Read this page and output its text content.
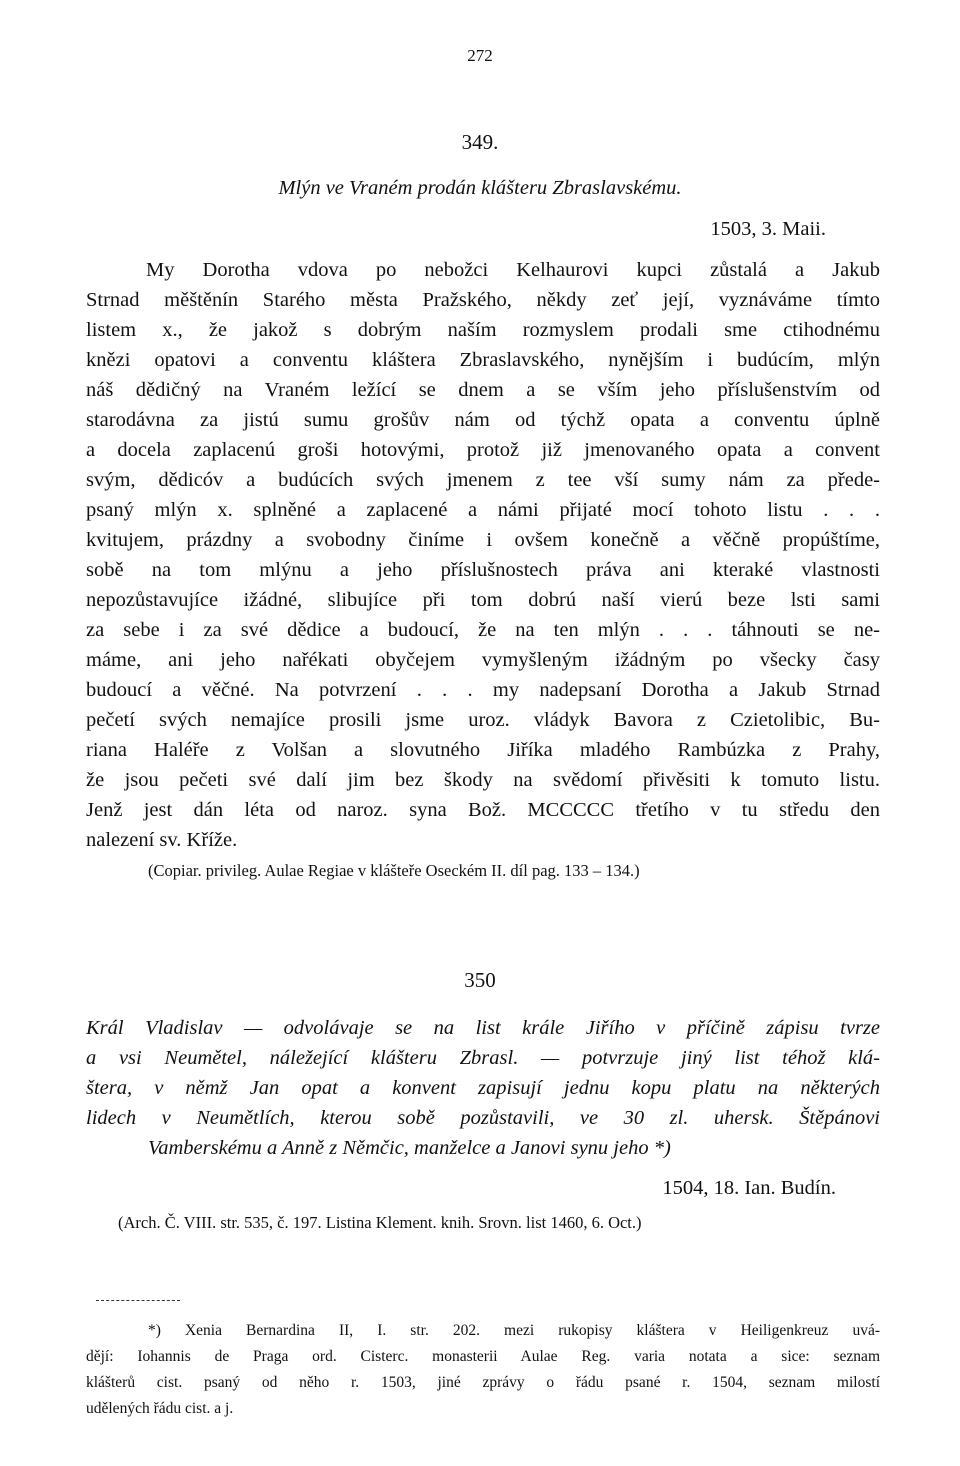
272

349.

Mlýn ve Vraném prodán klášteru Zbraslavskému.

1503, 3. Maii.

My Dorotha vdova po nebožci Kelhaurovi kupci zůstalá a Jakub

Strnad měštěnín Starého města Pražského, někdy zeť její, vyznáváme tímto

listem x., že jakož s dobrým naším rozmyslem prodali sme ctihodnému

knězi opatovi a conventu kláštera Zbraslavského, nynějším i budúcím, mlýn

náš dědičný na Vraném ležící se dnem a se vším jeho příslušenstvím od

starodávna za jistú sumu grošův nám od týchž opata a conventu úplně

a docela zaplacenú groši hotovými, protož již jmenovaného opata a convent

svým, dědicóv a budúcích svých jmenem z tee vší sumy nám za přede-

psaný mlýn x. splněné a zaplacené a námi přijaté mocí tohoto listu . . .

kvitujem, prázdny a svobodny činíme i ovšem konečně a věčně propúštíme,

sobě na tom mlýnu a jeho příslušnostech práva ani kteraké vlastnosti

nepozůstavujíce ižádné, slibujíce při tom dobrú naší vierú beze lsti sami

za sebe i za své dědice a budoucí, že na ten mlýn . . . táhnouti se ne-

máme, ani jeho nařékati obyčejem vymyšleným ižádným po všecky časy

budoucí a věčné. Na potvrzení . . . my nadepsaní Dorotha a Jakub Strnad

pečetí svých nemajíce prosili jsme uroz. vládyk Bavora z Czietolibic, Bu-

riana Haléře z Volšan a slovutného Jiříka mladého Rambúzka z Prahy,

že jsou pečeti své dalí jim bez škody na svědomí přivěsiti k tomuto listu.

Jenž jest dán léta od naroz. syna Bož. MCCCCC třetího v tu středu den

nalezení sv. Kříže.

(Copiar. privileg. Aulae Regiae v klášteře Oseckém II. díl pag. 133 – 134.)

350

Král Vladislav — odvolávaje se na list krále Jiřího v příčině zápisu tvrze

a vsi Neumětel, náležející klášteru Zbrasl. — potvrzuje jiný list téhož klá-

štera, v němž Jan opat a konvent zapisují jednu kopu platu na některých

lidech v Neumětlích, kterou sobě pozůstavili, ve 30 zl. uhersk. Štěpánovi

Vamberskému a Anně z Němčic, manželce a Janovi synu jeho *)

1504, 18. Ian. Budín.

(Arch. Č. VIII. str. 535, č. 197. Listina Klement. knih. Srovn. list 1460, 6. Oct.)

*) Xenia Bernardina II, I. str. 202. mezi rukopisy kláštera v Heiligenkreuz uvá-

dějí: Iohannis de Praga ord. Cisterc. monasterii Aulae Reg. varia notata a sice: seznam

klášterů cist. psaný od něho r. 1503, jiné zprávy o řádu psané r. 1504, seznam milostí

udělených řádu cist. a j.
